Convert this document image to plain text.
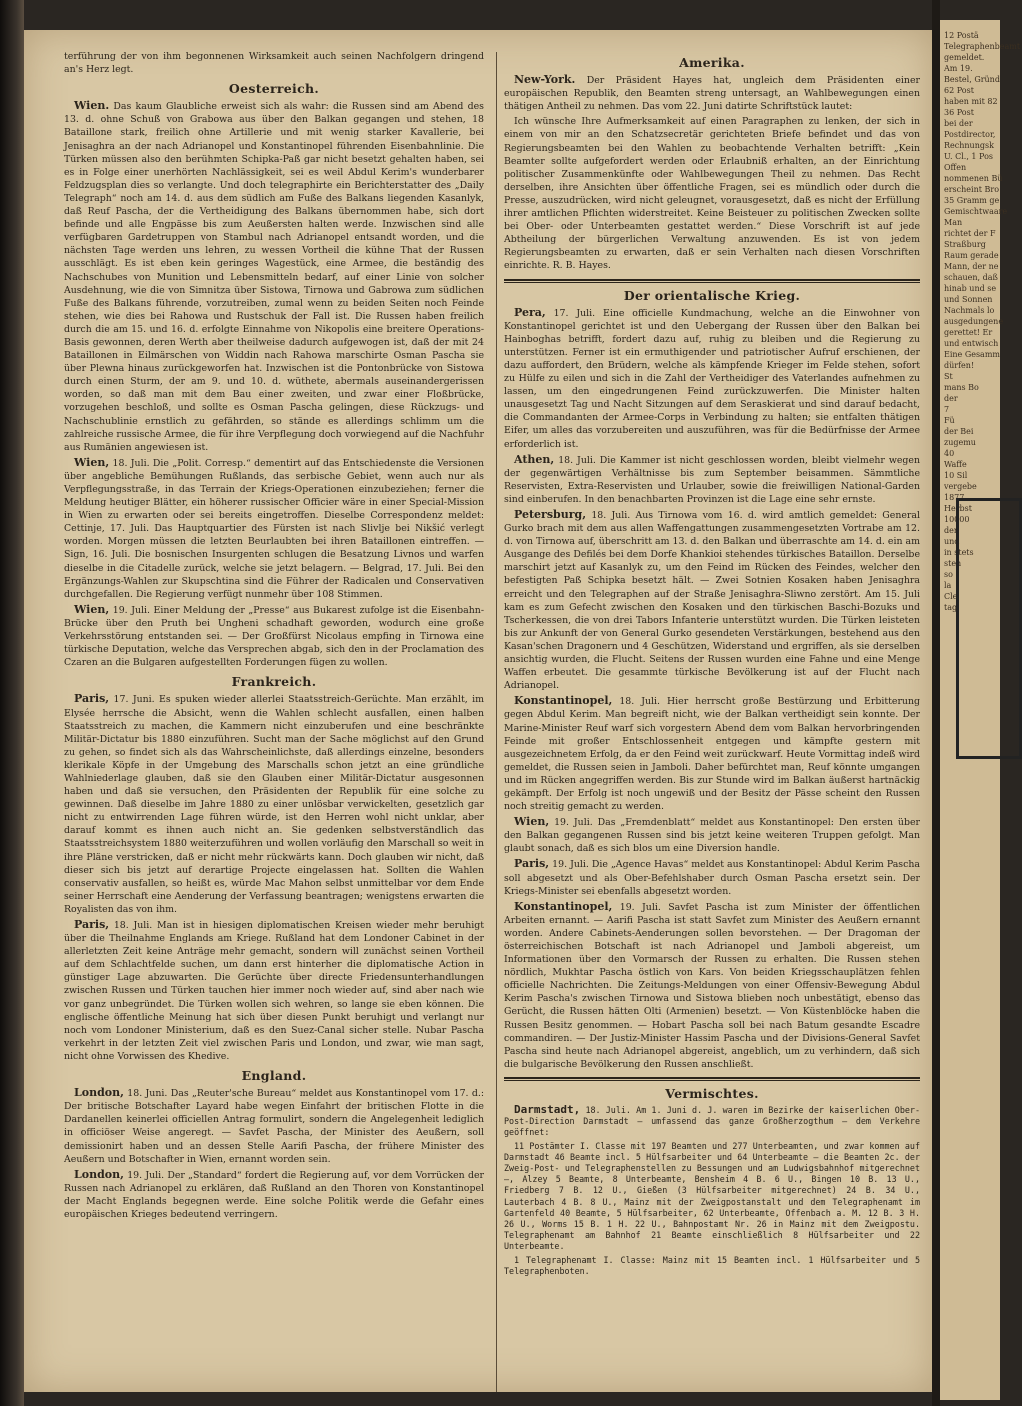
terführung der von ihm begonnenen Wirksamkeit auch seinen Nachfolgern dringend an's Herz legt.

Oesterreich.

Wien. Das kaum Glaubliche erweist sich als wahr: die Russen sind am Abend des 13. d. ohne Schuß von Grabowa aus über den Balkan gegangen und stehen, 18 Bataillone stark, freilich ohne Artillerie und mit wenig starker Kavallerie, bei Jenisaghra an der nach Adrianopel und Konstantinopel führenden Eisenbahnlinie. Die Türken müssen also den berühmten Schipka-Paß gar nicht besetzt gehalten haben, sei es in Folge einer unerhörten Nachlässigkeit, sei es weil Abdul Kerim's wunderbarer Feldzugsplan dies so verlangte. Und doch telegraphirte ein Berichterstatter des „Daily Telegraph“ noch am 14. d. aus dem südlich am Fuße des Balkans liegenden Kasanlyk, daß Reuf Pascha, der die Vertheidigung des Balkans übernommen habe, sich dort befinde und alle Engpässe bis zum Aeußersten halten werde. Inzwischen sind alle verfügbaren Gardetruppen von Stambul nach Adrianopel entsandt worden, und die nächsten Tage werden uns lehren, zu wessen Vortheil die kühne That der Russen ausschlägt. Es ist eben kein geringes Wagestück, eine Armee, die beständig des Nachschubes von Munition und Lebensmitteln bedarf, auf einer Linie von solcher Ausdehnung, wie die von Simnitza über Sistowa, Tirnowa und Gabrowa zum südlichen Fuße des Balkans führende, vorzutreiben, zumal wenn zu beiden Seiten noch Feinde stehen, wie dies bei Rahowa und Rustschuk der Fall ist. Die Russen haben freilich durch die am 15. und 16. d. erfolgte Einnahme von Nikopolis eine breitere Operations-Basis gewonnen, deren Werth aber theilweise dadurch aufgewogen ist, daß der mit 24 Bataillonen in Eilmärschen von Widdin nach Rahowa marschirte Osman Pascha sie über Plewna hinaus zurückgeworfen hat. Inzwischen ist die Pontonbrücke von Sistowa durch einen Sturm, der am 9. und 10. d. wüthete, abermals auseinandergerissen worden, so daß man mit dem Bau einer zweiten, und zwar einer Floßbrücke, vorzugehen beschloß, und sollte es Osman Pascha gelingen, diese Rückzugs- und Nachschublinie ernstlich zu gefährden, so stände es allerdings schlimm um die zahlreiche russische Armee, die für ihre Verpflegung doch vorwiegend auf die Nachfuhr aus Rumänien angewiesen ist.

Wien, 18. Juli. Die „Polit. Corresp.“ dementirt auf das Entschiedenste die Versionen über angebliche Bemühungen Rußlands, das serbische Gebiet, wenn auch nur als Verpflegungsstraße, in das Terrain der Kriegs-Operationen einzubeziehen; ferner die Meldung heutiger Blätter, ein höherer russischer Officier wäre in einer Special-Mission in Wien zu erwarten oder sei bereits eingetroffen. Dieselbe Correspondenz meldet: Cettinje, 17. Juli. Das Hauptquartier des Fürsten ist nach Slivlje bei Nikšić verlegt worden. Morgen müssen die letzten Beurlaubten bei ihren Bataillonen eintreffen. — Sign, 16. Juli. Die bosnischen Insurgenten schlugen die Besatzung Livnos und warfen dieselbe in die Citadelle zurück, welche sie jetzt belagern. — Belgrad, 17. Juli. Bei den Ergänzungs-Wahlen zur Skupschtina sind die Führer der Radicalen und Conservativen durchgefallen. Die Regierung verfügt nunmehr über 108 Stimmen.

Wien, 19. Juli. Einer Meldung der „Presse“ aus Bukarest zufolge ist die Eisenbahn-Brücke über den Pruth bei Ungheni schadhaft geworden, wodurch eine große Verkehrsstörung entstanden sei. — Der Großfürst Nicolaus empfing in Tirnowa eine türkische Deputation, welche das Versprechen abgab, sich den in der Proclamation des Czaren an die Bulgaren aufgestellten Forderungen fügen zu wollen.

Frankreich.

Paris, 17. Juni. Es spuken wieder allerlei Staatsstreich-Gerüchte. Man erzählt, im Elysée herrsche die Absicht, wenn die Wahlen schlecht ausfallen, einen halben Staatsstreich zu machen, die Kammern nicht einzuberufen und eine beschränkte Militär-Dictatur bis 1880 einzuführen. Sucht man der Sache möglichst auf den Grund zu gehen, so findet sich als das Wahrscheinlichste, daß allerdings einzelne, besonders klerikale Köpfe in der Umgebung des Marschalls schon jetzt an eine gründliche Wahlniederlage glauben, daß sie den Glauben einer Militär-Dictatur ausgesonnen haben und daß sie versuchen, den Präsidenten der Republik für eine solche zu gewinnen. Daß dieselbe im Jahre 1880 zu einer unlösbar verwickelten, gesetzlich gar nicht zu entwirrenden Lage führen würde, ist den Herren wohl nicht unklar, aber darauf kommt es ihnen auch nicht an. Sie gedenken selbstverständlich das Staatsstreichsystem 1880 weiterzuführen und wollen vorläufig den Marschall so weit in ihre Pläne verstricken, daß er nicht mehr rückwärts kann. Doch glauben wir nicht, daß dieser sich bis jetzt auf derartige Projecte eingelassen hat. Sollten die Wahlen conservativ ausfallen, so heißt es, würde Mac Mahon selbst unmittelbar vor dem Ende seiner Herrschaft eine Aenderung der Verfassung beantragen; wenigstens erwarten die Royalisten das von ihm.

Paris, 18. Juli. Man ist in hiesigen diplomatischen Kreisen wieder mehr beruhigt über die Theilnahme Englands am Kriege. Rußland hat dem Londoner Cabinet in der allerletzten Zeit keine Anträge mehr gemacht, sondern will zunächst seinen Vortheil auf dem Schlachtfelde suchen, um dann erst hinterher die diplomatische Action in günstiger Lage abzuwarten. Die Gerüchte über directe Friedensunterhandlungen zwischen Russen und Türken tauchen hier immer noch wieder auf, sind aber nach wie vor ganz unbegründet. Die Türken wollen sich wehren, so lange sie eben können. Die englische öffentliche Meinung hat sich über diesen Punkt beruhigt und verlangt nur noch vom Londoner Ministerium, daß es den Suez-Canal sicher stelle. Nubar Pascha verkehrt in der letzten Zeit viel zwischen Paris und London, und zwar, wie man sagt, nicht ohne Vorwissen des Khedive.

England.

London, 18. Juni. Das „Reuter'sche Bureau“ meldet aus Konstantinopel vom 17. d.: Der britische Botschafter Layard habe wegen Einfahrt der britischen Flotte in die Dardanellen keinerlei officiellen Antrag formulirt, sondern die Angelegenheit lediglich in officiöser Weise angeregt. — Savfet Pascha, der Minister des Aeußern, soll demissionirt haben und an dessen Stelle Aarifi Pascha, der frühere Minister des Aeußern und Botschafter in Wien, ernannt worden sein.

London, 19. Juli. Der „Standard“ fordert die Regierung auf, vor dem Vorrücken der Russen nach Adrianopel zu erklären, daß Rußland an den Thoren von Konstantinopel der Macht Englands begegnen werde. Eine solche Politik werde die Gefahr eines europäischen Krieges bedeutend verringern.

Amerika.

New-York. Der Präsident Hayes hat, ungleich dem Präsidenten einer europäischen Republik, den Beamten streng untersagt, an Wahlbewegungen einen thätigen Antheil zu nehmen. Das vom 22. Juni datirte Schriftstück lautet:

Ich wünsche Ihre Aufmerksamkeit auf einen Paragraphen zu lenken, der sich in einem von mir an den Schatzsecretär gerichteten Briefe befindet und das von Regierungsbeamten bei den Wahlen zu beobachtende Verhalten betrifft: „Kein Beamter sollte aufgefordert werden oder Erlaubniß erhalten, an der Einrichtung politischer Zusammenkünfte oder Wahlbewegungen Theil zu nehmen. Das Recht derselben, ihre Ansichten über öffentliche Fragen, sei es mündlich oder durch die Presse, auszudrücken, wird nicht geleugnet, vorausgesetzt, daß es nicht der Erfüllung ihrer amtlichen Pflichten widerstreitet. Keine Beisteuer zu politischen Zwecken sollte bei Ober- oder Unterbeamten gestattet werden.“ Diese Vorschrift ist auf jede Abtheilung der bürgerlichen Verwaltung anzuwenden. Es ist von jedem Regierungsbeamten zu erwarten, daß er sein Verhalten nach diesen Vorschriften einrichte. R. B. Hayes.

Der orientalische Krieg.

Pera, 17. Juli. Eine officielle Kundmachung, welche an die Einwohner von Konstantinopel gerichtet ist und den Uebergang der Russen über den Balkan bei Hainboghas betrifft, fordert dazu auf, ruhig zu bleiben und die Regierung zu unterstützen. Ferner ist ein ermuthigender und patriotischer Aufruf erschienen, der dazu auffordert, den Brüdern, welche als kämpfende Krieger im Felde stehen, sofort zu Hülfe zu eilen und sich in die Zahl der Vertheidiger des Vaterlandes aufnehmen zu lassen, um den eingedrungenen Feind zurückzuwerfen. Die Minister halten unausgesetzt Tag und Nacht Sitzungen auf dem Seraskierat und sind darauf bedacht, die Commandanten der Armee-Corps in Verbindung zu halten; sie entfalten thätigen Eifer, um alles das vorzubereiten und auszuführen, was für die Bedürfnisse der Armee erforderlich ist.

Athen, 18. Juli. Die Kammer ist nicht geschlossen worden, bleibt vielmehr wegen der gegenwärtigen Verhältnisse bis zum September beisammen. Sämmtliche Reservisten, Extra-Reservisten und Urlauber, sowie die freiwilligen National-Garden sind einberufen. In den benachbarten Provinzen ist die Lage eine sehr ernste.

Petersburg, 18. Juli. Aus Tirnowa vom 16. d. wird amtlich gemeldet: General Gurko brach mit dem aus allen Waffengattungen zusammengesetzten Vortrabe am 12. d. von Tirnowa auf, überschritt am 13. d. den Balkan und überraschte am 14. d. ein am Ausgange des Defilés bei dem Dorfe Khankioi stehendes türkisches Bataillon. Derselbe marschirt jetzt auf Kasanlyk zu, um den Feind im Rücken des Feindes, welcher den befestigten Paß Schipka besetzt hält. — Zwei Sotnien Kosaken haben Jenisaghra erreicht und den Telegraphen auf der Straße Jenisaghra-Sliwno zerstört. Am 15. Juli kam es zum Gefecht zwischen den Kosaken und den türkischen Baschi-Bozuks und Tscherkessen, die von drei Tabors Infanterie unterstützt wurden. Die Türken leisteten bis zur Ankunft der von General Gurko gesendeten Verstärkungen, bestehend aus den Kasan'schen Dragonern und 4 Geschützen, Widerstand und ergriffen, als sie derselben ansichtig wurden, die Flucht. Seitens der Russen wurden eine Fahne und eine Menge Waffen erbeutet. Die gesammte türkische Bevölkerung ist auf der Flucht nach Adrianopel.

Konstantinopel, 18. Juli. Hier herrscht große Bestürzung und Erbitterung gegen Abdul Kerim. Man begreift nicht, wie der Balkan vertheidigt sein konnte. Der Marine-Minister Reuf warf sich vorgestern Abend dem vom Balkan hervorbringenden Feinde mit großer Entschlossenheit entgegen und kämpfte gestern mit ausgezeichnetem Erfolg, da er den Feind weit zurückwarf. Heute Vormittag indeß wird gemeldet, die Russen seien in Jamboli. Daher befürchtet man, Reuf könnte umgangen und im Rücken angegriffen werden. Bis zur Stunde wird im Balkan äußerst hartnäckig gekämpft. Der Erfolg ist noch ungewiß und der Besitz der Pässe scheint den Russen noch streitig gemacht zu werden.

Wien, 19. Juli. Das „Fremdenblatt“ meldet aus Konstantinopel: Den ersten über den Balkan gegangenen Russen sind bis jetzt keine weiteren Truppen gefolgt. Man glaubt sonach, daß es sich blos um eine Diversion handle.

Paris, 19. Juli. Die „Agence Havas“ meldet aus Konstantinopel: Abdul Kerim Pascha soll abgesetzt und als Ober-Befehlshaber durch Osman Pascha ersetzt sein. Der Kriegs-Minister sei ebenfalls abgesetzt worden.

Konstantinopel, 19. Juli. Savfet Pascha ist zum Minister der öffentlichen Arbeiten ernannt. — Aarifi Pascha ist statt Savfet zum Minister des Aeußern ernannt worden. Andere Cabinets-Aenderungen sollen bevorstehen. — Der Dragoman der österreichischen Botschaft ist nach Adrianopel und Jamboli abgereist, um Informationen über den Vormarsch der Russen zu erhalten. Die Russen stehen nördlich, Mukhtar Pascha östlich von Kars. Von beiden Kriegsschauplätzen fehlen officielle Nachrichten. Die Zeitungs-Meldungen von einer Offensiv-Bewegung Abdul Kerim Pascha's zwischen Tirnowa und Sistowa blieben noch unbestätigt, ebenso das Gerücht, die Russen hätten Olti (Armenien) besetzt. — Von Küstenblöcke haben die Russen Besitz genommen. — Hobart Pascha soll bei nach Batum gesandte Escadre commandiren. — Der Justiz-Minister Hassim Pascha und der Divisions-General Savfet Pascha sind heute nach Adrianopel abgereist, angeblich, um zu verhindern, daß sich die bulgarische Bevölkerung den Russen anschließt.

Vermischtes.

Darmstadt, 18. Juli. Am 1. Juni d. J. waren im Bezirke der kaiserlichen Ober-Post-Direction Darmstadt — umfassend das ganze Großherzogthum — dem Verkehre geöffnet:

11 Postämter I. Classe mit 197 Beamten und 277 Unterbeamten, und zwar kommen auf Darmstadt 46 Beamte incl. 5 Hülfsarbeiter und 64 Unterbeamte — die Beamten 2c. der Zweig-Post- und Telegraphenstellen zu Bessungen und am Ludwigsbahnhof mitgerechnet —, Alzey 5 Beamte, 8 Unterbeamte, Bensheim 4 B. 6 U., Bingen 10 B. 13 U., Friedberg 7 B. 12 U., Gießen (3 Hülfsarbeiter mitgerechnet) 24 B. 34 U., Lauterbach 4 B. 8 U., Mainz mit der Zweigpostanstalt und dem Telegraphenamt im Gartenfeld 40 Beamte, 5 Hülfsarbeiter, 62 Unterbeamte, Offenbach a. M. 12 B. 3 H. 26 U., Worms 15 B. 1 H. 22 U., Bahnpostamt Nr. 26 in Mainz mit dem Zweigpostu. Telegraphenamt am Bahnhof 21 Beamte einschließlich 8 Hülfsarbeiter und 22 Unterbeamte.

1 Telegraphenamt I. Classe: Mainz mit 15 Beamten incl. 1 Hülfsarbeiter und 5 Telegraphenboten.

12 Postä
Telegraphenbeamt
gemeldet.
Am 19.
Bestel, Gründ
62 Post
haben mit 82
36 Post
bei der
Postdirector,
Rechnungsk
U. Cl., 1 Pos
Offen
nommenen Bü
erscheint Bro
35 Gramm ge
Gemischtwaare
Man
richtet der F
Straßburg
Raum gerade
Mann, der ne
schauen, daß
hinab und se
und Sonnen
Nachmals lo
ausgedungene
gerettet! Er
und entwisch
Eine Gesamm
dürfen!
St
mans Bo
der
7
Fü
der Bei
zugemu
40
Waffe
10 Sil
vergebe
1877,
Herbst
10000
den
und
in stets
steh
so
la
Cle
tag
